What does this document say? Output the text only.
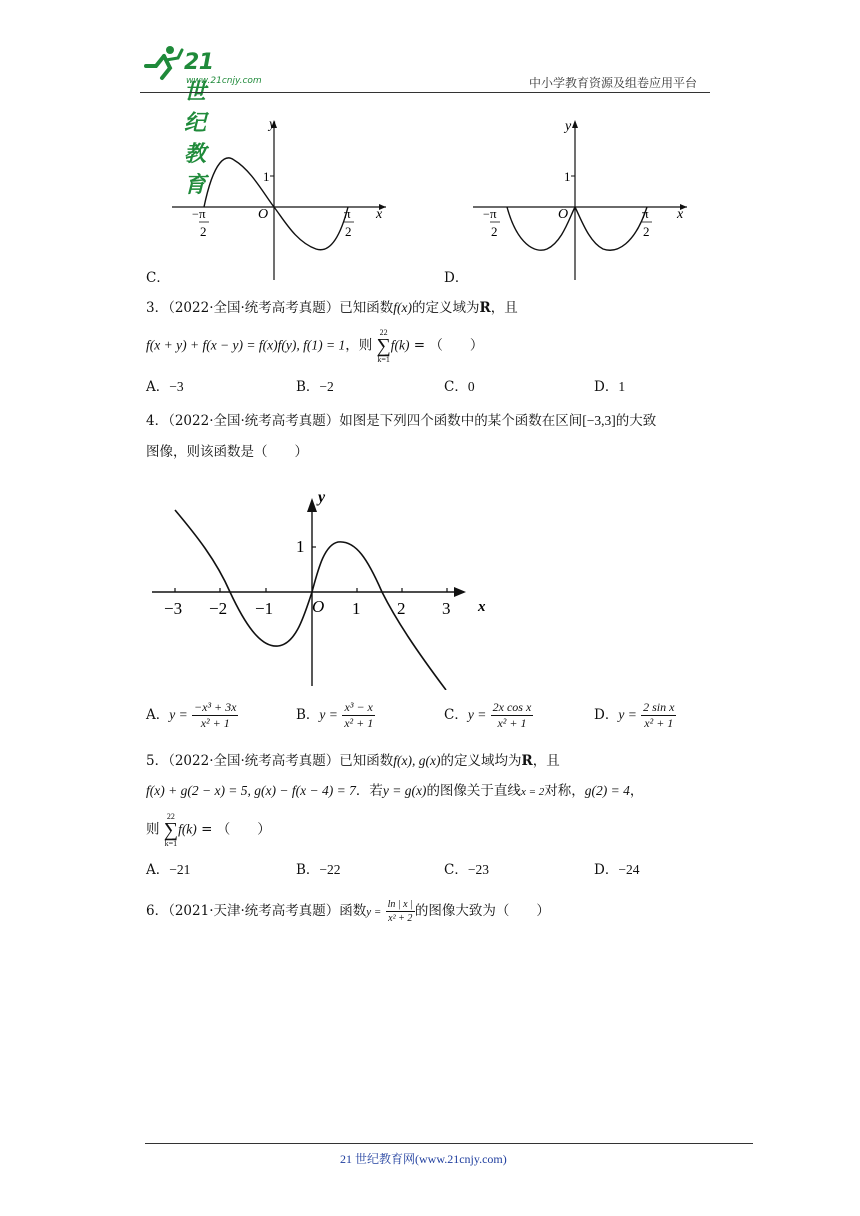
21世纪教育
www.21cnjy.com	中小学教育资源及组卷应用平台
y
x
1
O
− π
2
π
2
C．
y
x
1
O
− π
2
π
2
D．
3．（2022·全国·统考高考真题）已知函数f(x)的定义域为R，且
f(x + y) + f(x − y) = f(x)f(y), f(1) = 1，则
22
∑
k=1
f(k) = （　　）
A．−3	B．−2	C．0	D．1
4．（2022·全国·统考高考真题）如图是下列四个函数中的某个函数在区间[−3,3]的大致
图像，则该函数是（　　）
y
x
1
O
−3 −2 −1	1 2 3
A．$y = \frac{\text{−x³ + 3x}}{\text{x² + 1}}$	B．$y = \frac{\text{x³ − x}}{\text{x² + 1}}$	C．$y = \frac{\text{2x cos x}}{\text{x² + 1}}$	D．$y = \frac{\text{2 sin x}}{\text{x² + 1}}$
5．（2022·全国·统考高考真题）已知函数f(x), g(x)的定义域均为R，且
f(x) + g(2 − x) = 5, g(x) − f(x − 4) = 7．若y = g(x)的图像关于直线x = 2对称，g(2) = 4，
则
22
∑
k=1
f(k) = （　　）
A．−21	B．−22	C．−23	D．−24
6．（2021·天津·统考高考真题）函数$y = \frac{\ln | x |}{\text{x² + 2}}$ 的图像大致为（　　）
21 世纪教育网(www.21cnjy.com)
